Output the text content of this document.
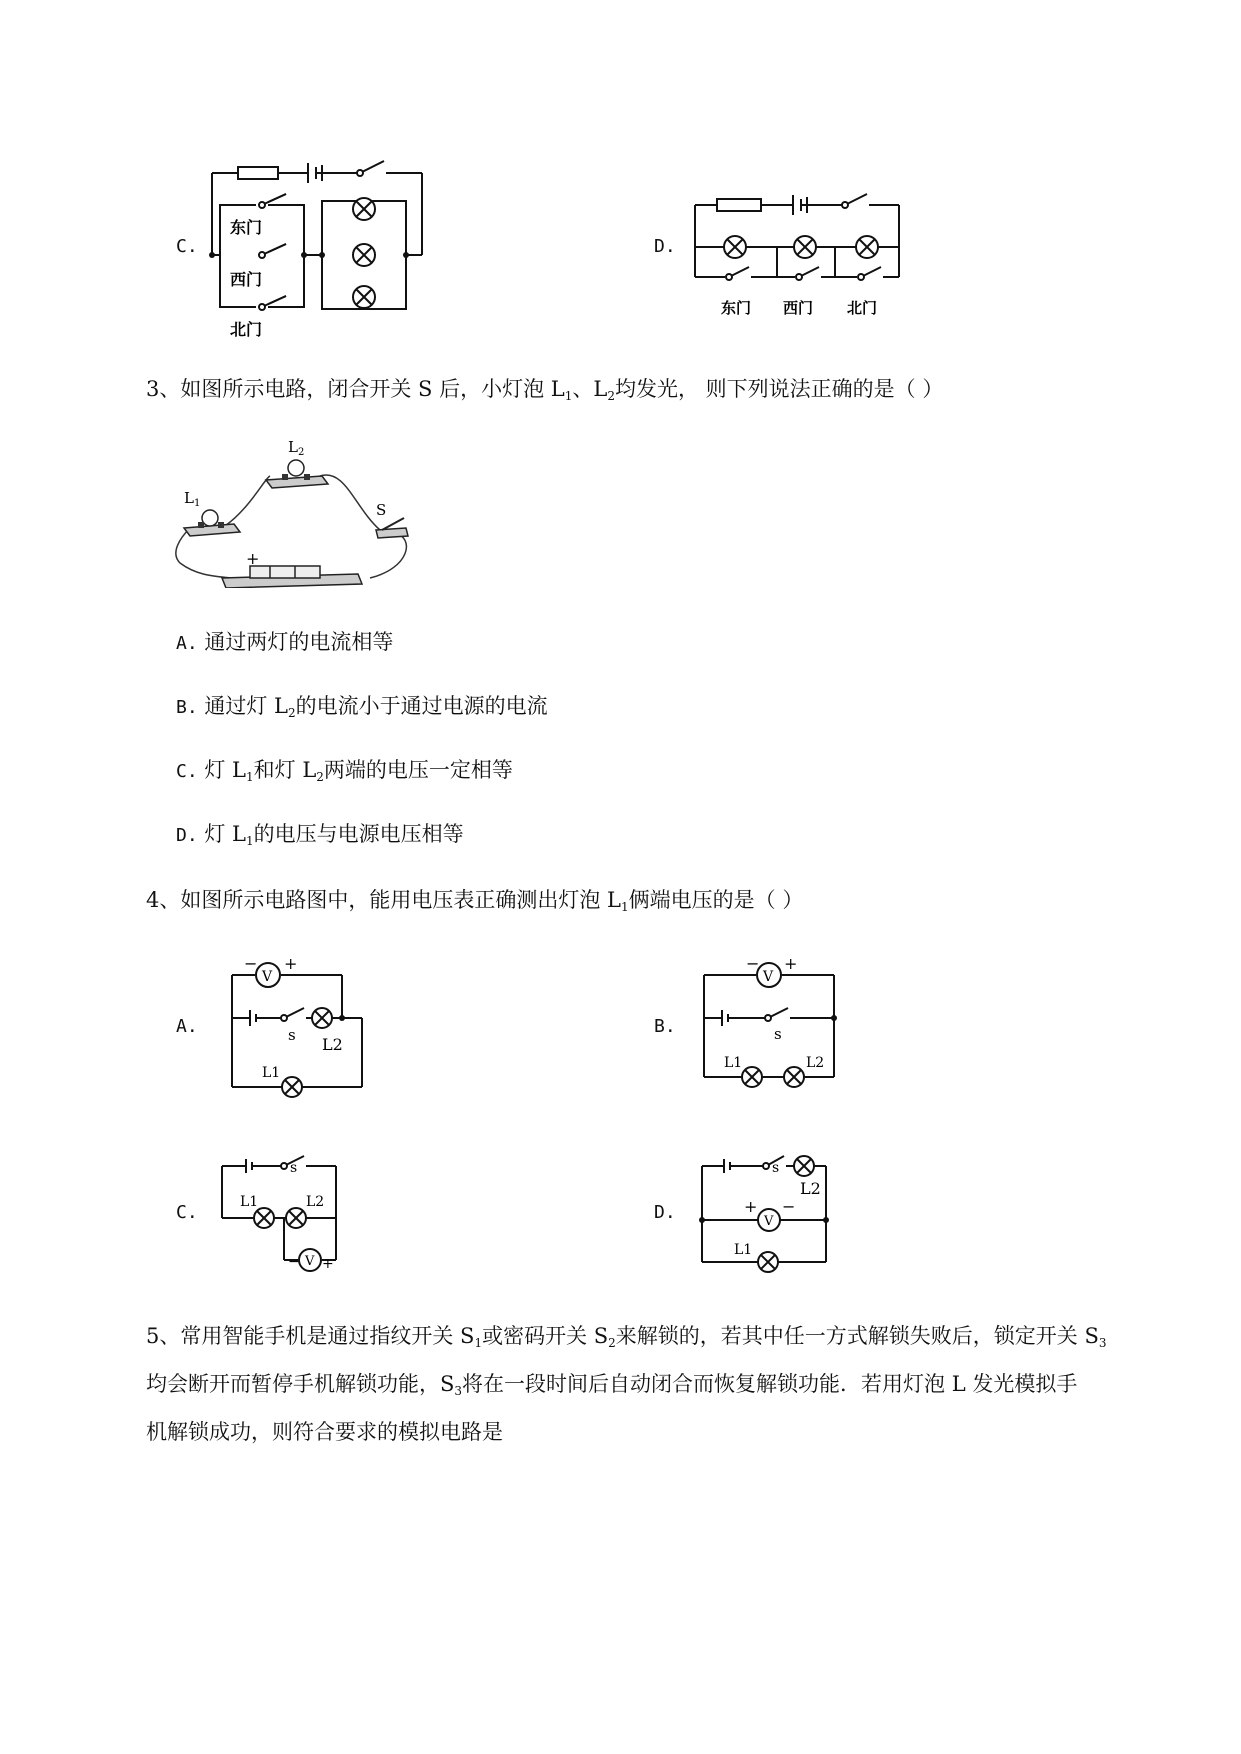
C.
东门
西门
北门
D.
东门 西门 北门
3、如图所示电路，闭合开关 S 后，小灯泡 $L_1$、$L_2$均发光， 则下列说法正确的是（ ）
$L_1$
$L_2$
S
+
A. 通过两灯的电流相等
B. 通过灯 $L_2$的电流小于通过电源的电流
C. 灯 $L_1$和灯 $L_2$两端的电压一定相等
D. 灯 $L_1$的电压与电源电压相等
4、如图所示电路图中，能用电压表正确测出灯泡 $L_1$俩端电压的是（ ）
A.
V
− +
s L2
L1
B.
V
− +
s
L1	L2
C.
s
L1	L2
V
− +
D.
s
L2
V
+ −
L1
5、常用智能手机是通过指纹开关 $S_1$或密码开关 $S_2$来解锁的，若其中任一方式解锁失败后，锁定开关 $S_3$
均会断开而暂停手机解锁功能，$S_3$将在一段时间后自动闭合而恢复解锁功能．若用灯泡 L 发光模拟手
机解锁成功，则符合要求的模拟电路是
